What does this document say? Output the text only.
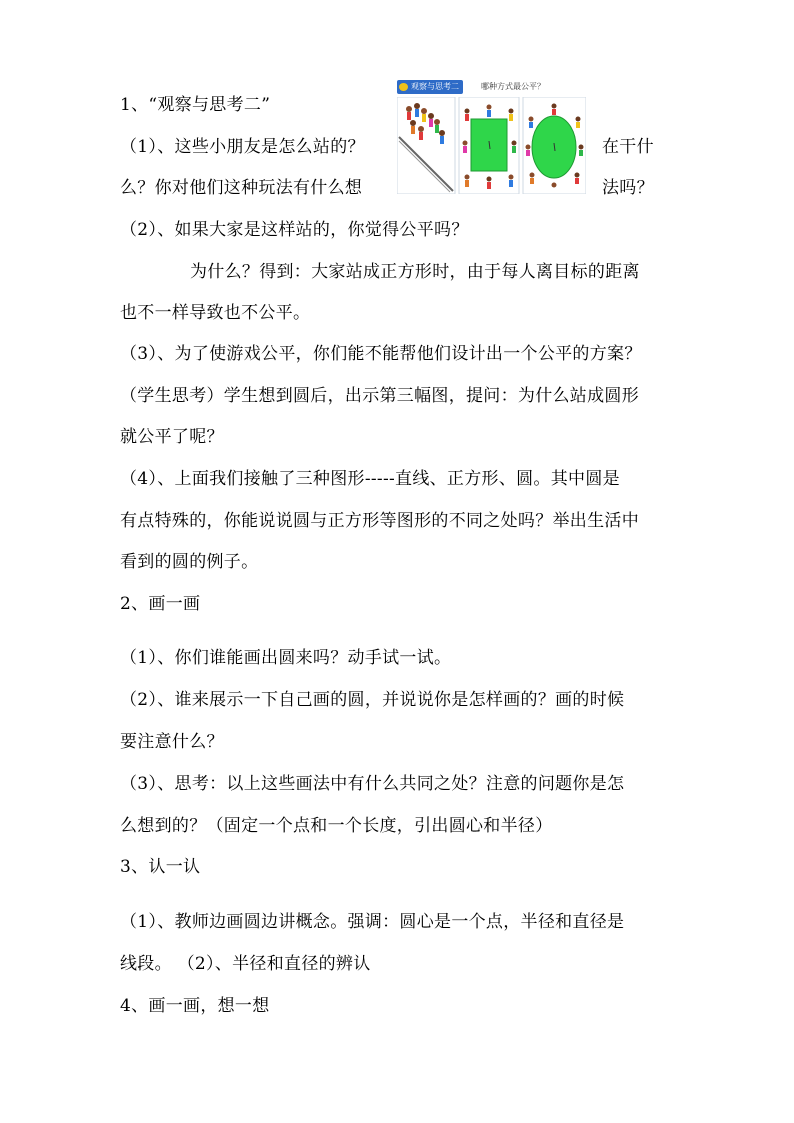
1、“观察与思考二”
观察与思考二	哪种方式最公平？
（1）、这些小朋友是怎么站的？	在干什
么？你对他们这种玩法有什么想	法吗？
（2）、如果大家是这样站的，你觉得公平吗？
为什么？得到：大家站成正方形时，由于每人离目标的距离
也不一样导致也不公平。
（3）、为了使游戏公平，你们能不能帮他们设计出一个公平的方案？
（学生思考）学生想到圆后，出示第三幅图，提问：为什么站成圆形
就公平了呢？
（4）、上面我们接触了三种图形-----直线、正方形、圆。其中圆是
有点特殊的，你能说说圆与正方形等图形的不同之处吗？举出生活中
看到的圆的例子。
2、画一画
（1）、你们谁能画出圆来吗？动手试一试。
（2）、谁来展示一下自己画的圆，并说说你是怎样画的？画的时候
要注意什么？
（3）、思考：以上这些画法中有什么共同之处？注意的问题你是怎
么想到的？（固定一个点和一个长度，引出圆心和半径）
3、认一认
（1）、教师边画圆边讲概念。强调：圆心是一个点，半径和直径是
线段。 （2）、半径和直径的辨认
4、画一画，想一想
